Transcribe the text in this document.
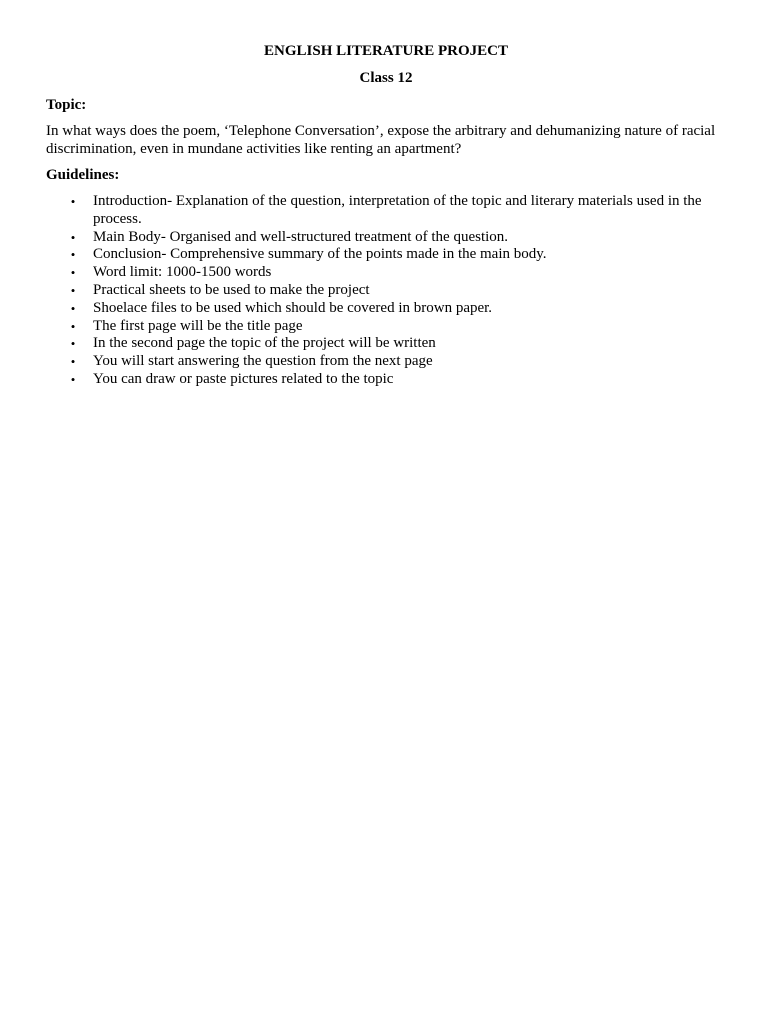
ENGLISH LITERATURE PROJECT

Class 12

Topic:

In what ways does the poem, ‘Telephone Conversation’, expose the arbitrary and dehumanizing nature of racial discrimination, even in mundane activities like renting an apartment?

Guidelines:

• Introduction- Explanation of the question, interpretation of the topic and literary materials used in the process.
• Main Body- Organised and well-structured treatment of the question.
• Conclusion- Comprehensive summary of the points made in the main body.
• Word limit: 1000-1500 words
• Practical sheets to be used to make the project
• Shoelace files to be used which should be covered in brown paper.
• The first page will be the title page
• In the second page the topic of the project will be written
• You will start answering the question from the next page
• You can draw or paste pictures related to the topic
